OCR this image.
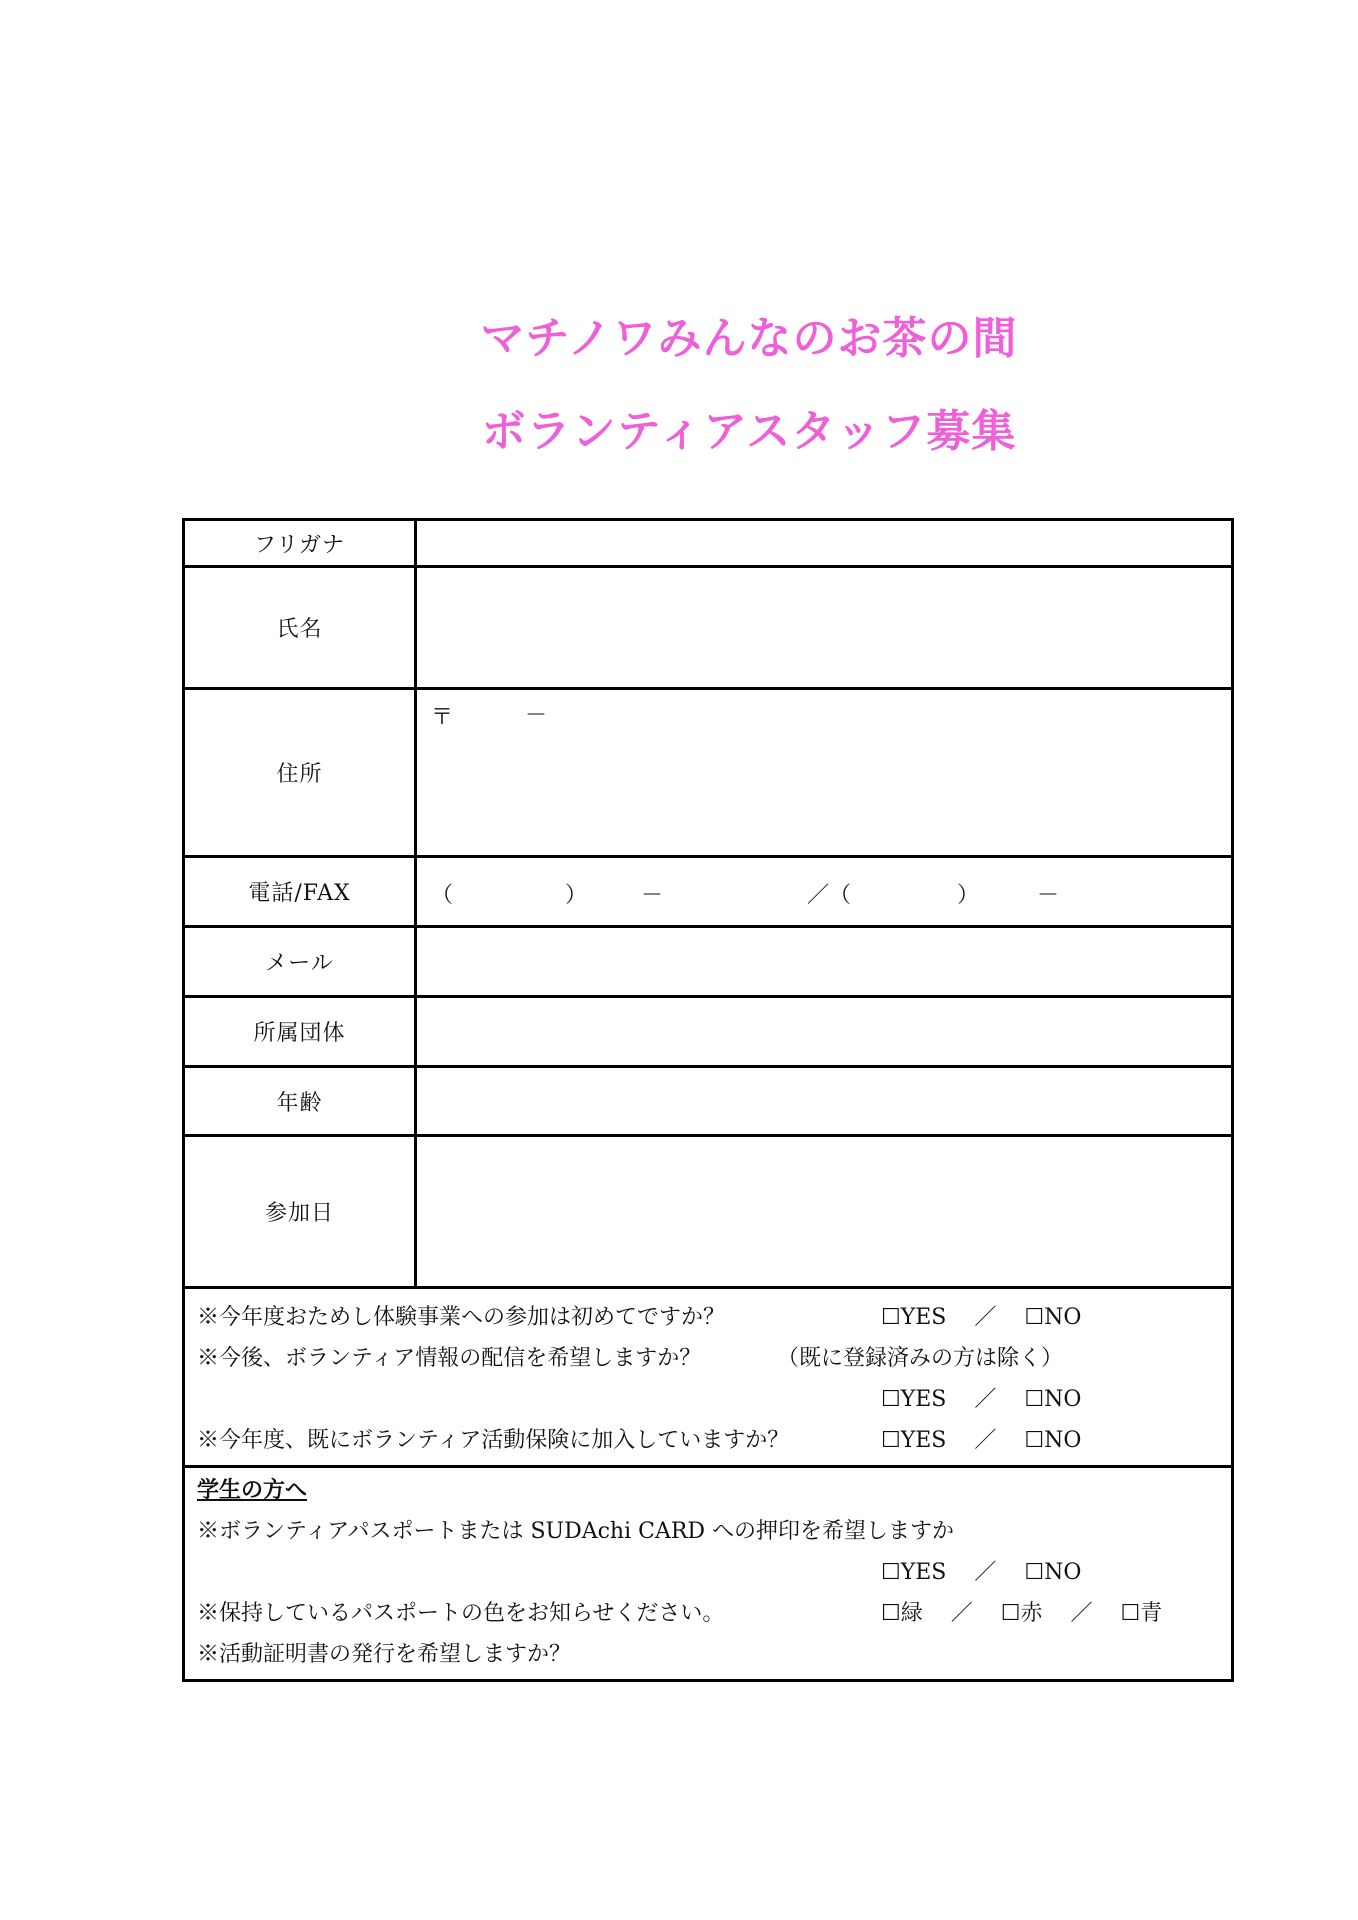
マチノワみんなのお茶の間
ボランティアスタッフ募集
フリガナ
氏名
住所
〒	－
電話/FAX	（	） －	／（	）	－
メール
所属団体
年齢
参加日
※今年度おためし体験事業への参加は初めてですか？	☐YES ／ ☐NO
※今後、ボランティア情報の配信を希望しますか？	（既に登録済みの方は除く）
☐YES ／ ☐NO
※今年度、既にボランティア活動保険に加入していますか？	☐YES ／ ☐NO
学生の方へ
※ボランティアパスポートまたは SUDAchi CARD への押印を希望しますか
☐YES ／ ☐NO
※保持しているパスポートの色をお知らせください。	☐緑 ／ ☐赤 ／ ☐青
※活動証明書の発行を希望しますか？
